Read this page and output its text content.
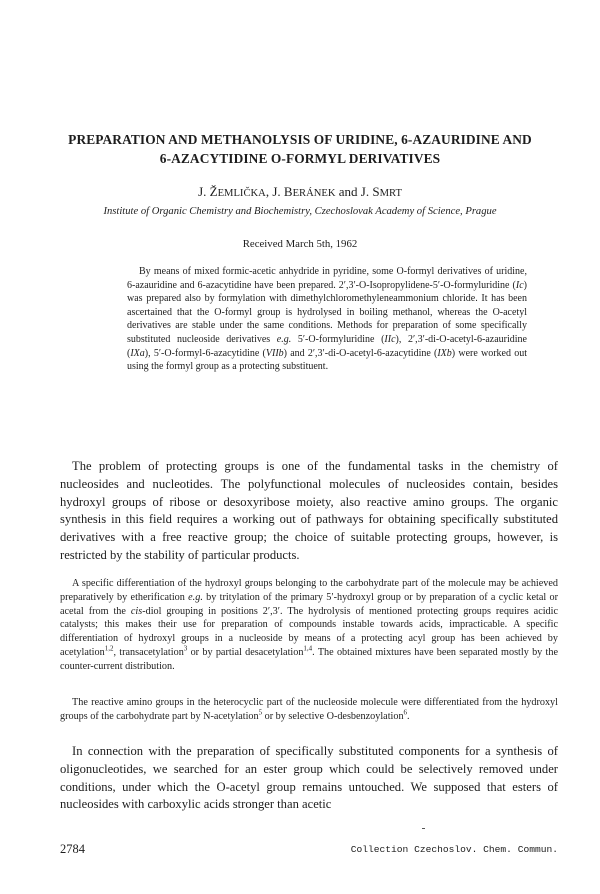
PREPARATION AND METHANOLYSIS OF URIDINE, 6-AZAURIDINE AND
6-AZACYTIDINE O-FORMYL DERIVATIVES
J. ŽEMLIČKA, J. BERÁNEK and J. SMRT
Institute of Organic Chemistry and Biochemistry, Czechoslovak Academy of Science, Prague
Received March 5th, 1962

By means of mixed formic-acetic anhydride in pyridine, some O-formyl derivatives of uridine, 6-azauridine and 6-azacytidine have been prepared. 2′,3′-O-Isopropylidene-5′-O-formyluridine (Ic) was prepared also by formylation with dimethylchloromethyleneammonium chloride. It has been ascertained that the O-formyl group is hydrolysed in boiling methanol, whereas the O-acetyl derivatives are stable under the same conditions. Methods for preparation of some specifically substituted nucleoside derivatives e.g. 5′-O-formyluridine (IIc), 2′,3′-di-O-acetyl-6-azauridine (IXa), 5′-O-formyl-6-azacytidine (VIIb) and 2′,3′-di-O-acetyl-6-azacytidine (IXb) were worked out using the formyl group as a protecting substituent.

The problem of protecting groups is one of the fundamental tasks in the chemistry of nucleosides and nucleotides. The polyfunctional molecules of nucleosides contain, besides hydroxyl groups of ribose or desoxyribose moiety, also reactive amino groups. The organic synthesis in this field requires a working out of pathways for obtaining specifically substituted derivatives with a free reactive group; the choice of suitable protecting groups, however, is restricted by the stability of particular products.

A specific differentiation of the hydroxyl groups belonging to the carbohydrate part of the molecule may be achieved preparatively by etherification e.g. by tritylation of the primary 5′-hydroxyl group or by preparation of a cyclic ketal or acetal from the cis-diol grouping in positions 2′,3′. The hydrolysis of mentioned protecting groups requires acidic catalysts; this makes their use for preparation of compounds instable towards acids, impracticable. A specific differentiation of hydroxyl groups in a nucleoside by means of a protecting acyl group has been achieved by acetylation$^{1,2}$, transacetylation$^3$ or by partial desacetylation$^{1,4}$. The obtained mixtures have been separated mostly by the counter-current distribution.

The reactive amino groups in the heterocyclic part of the nucleoside molecule were differentiated from the hydroxyl groups of the carbohydrate part by N-acetylation$^5$ or by selective O-desbenzoylation$^6$.

In connection with the preparation of specifically substituted components for a synthesis of oligonucleotides, we searched for an ester group which could be selectively removed under conditions, under which the O-acetyl group remains untouched. We supposed that esters of nucleosides with carboxylic acids stronger than acetic

2784	Collection Czechoslov. Chem. Commun.
